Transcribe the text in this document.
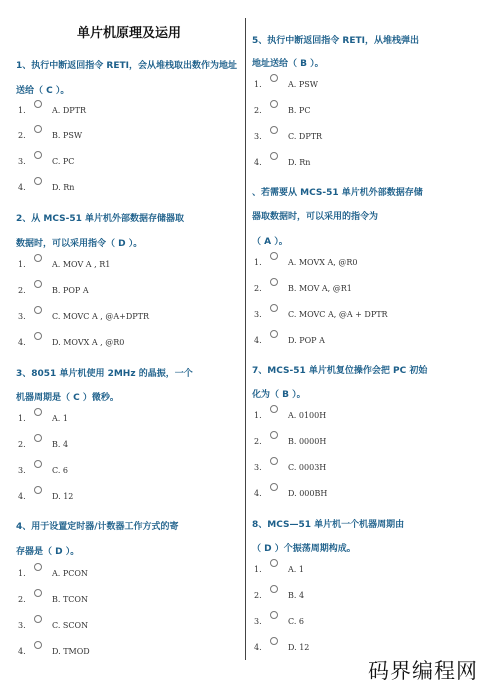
单片机原理及运用

1、执行中断返回指令 RETI，会从堆栈取出数作为地址

送给（ C ）。

1.	A. DPTR
2.	B. PSW
3.	C. PC
4.	D. Rn

2、从 MCS-51 单片机外部数据存储器取

数据时，可以采用指令（ D ）。

1.	A. MOV A , R1
2.	B. POP A
3.	C. MOVC A , @A+DPTR
4.	D. MOVX A , @R0

3、8051 单片机使用 2MHz 的晶振，一个

机器周期是（ C ）微秒。

1.	A. 1
2.	B. 4
3.	C. 6
4.	D. 12

4、用于设置定时器/计数器工作方式的寄

存器是（ D ）。

1.	A. PCON
2.	B. TCON
3.	C. SCON
4.	D. TMOD

5、执行中断返回指令 RETI，从堆栈弹出

地址送给（ B ）。

1.	A. PSW
2.	B. PC
3.	C. DPTR
4.	D. Rn

、若需要从 MCS-51 单片机外部数据存储

器取数据时，可以采用的指令为

（ A ）。

1.	A. MOVX A, @R0
2.	B. MOV A, @R1
3.	C. MOVC A, @A + DPTR
4.	D. POP A

7、MCS-51 单片机复位操作会把 PC 初始

化为（ B ）。

1.	A. 0100H
2.	B. 0000H
3.	C. 0003H
4.	D. 000BH

8、MCS—51 单片机一个机器周期由

（ D ）个振荡周期构成。

1.	A. 1
2.	B. 4
3.	C. 6
4.	D. 12
码界编程网
